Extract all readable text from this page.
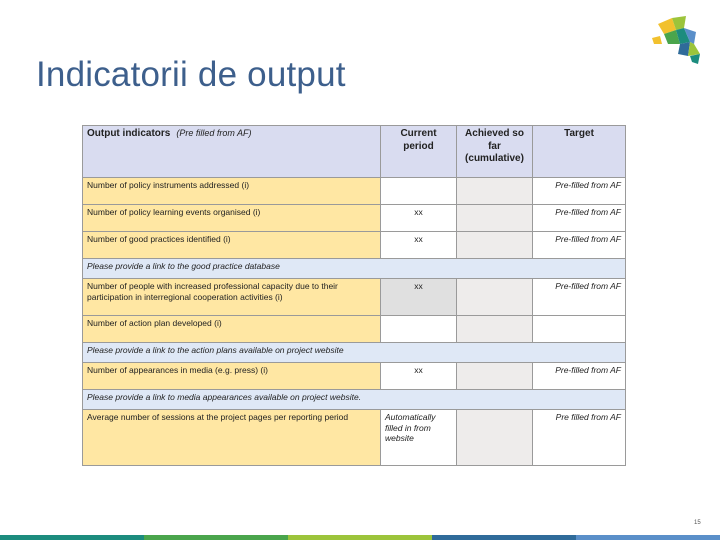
Indicatorii de output
Output indicators (Pre filled from AF)	Current period	Achieved so far (cumulative)	Target
Number of policy instruments addressed (i)			Pre-filled from AF
Number of policy learning events organised (i)	xx		Pre-filled from AF
Number of good practices identified (i)	xx		Pre-filled from AF
Please provide a link to the good practice database			
Number of people with increased professional capacity due to their participation in interregional cooperation activities (i)	xx		Pre-filled from AF
Number of action plan developed (i)			
Please provide a link to the action plans available on project website			
Number of appearances in media (e.g. press) (i)	xx		Pre-filled from AF
Please provide a link to media appearances available on project website.			
Average number of sessions at the project pages per reporting period	Automatically filled in from website		Pre filled from AF
15
